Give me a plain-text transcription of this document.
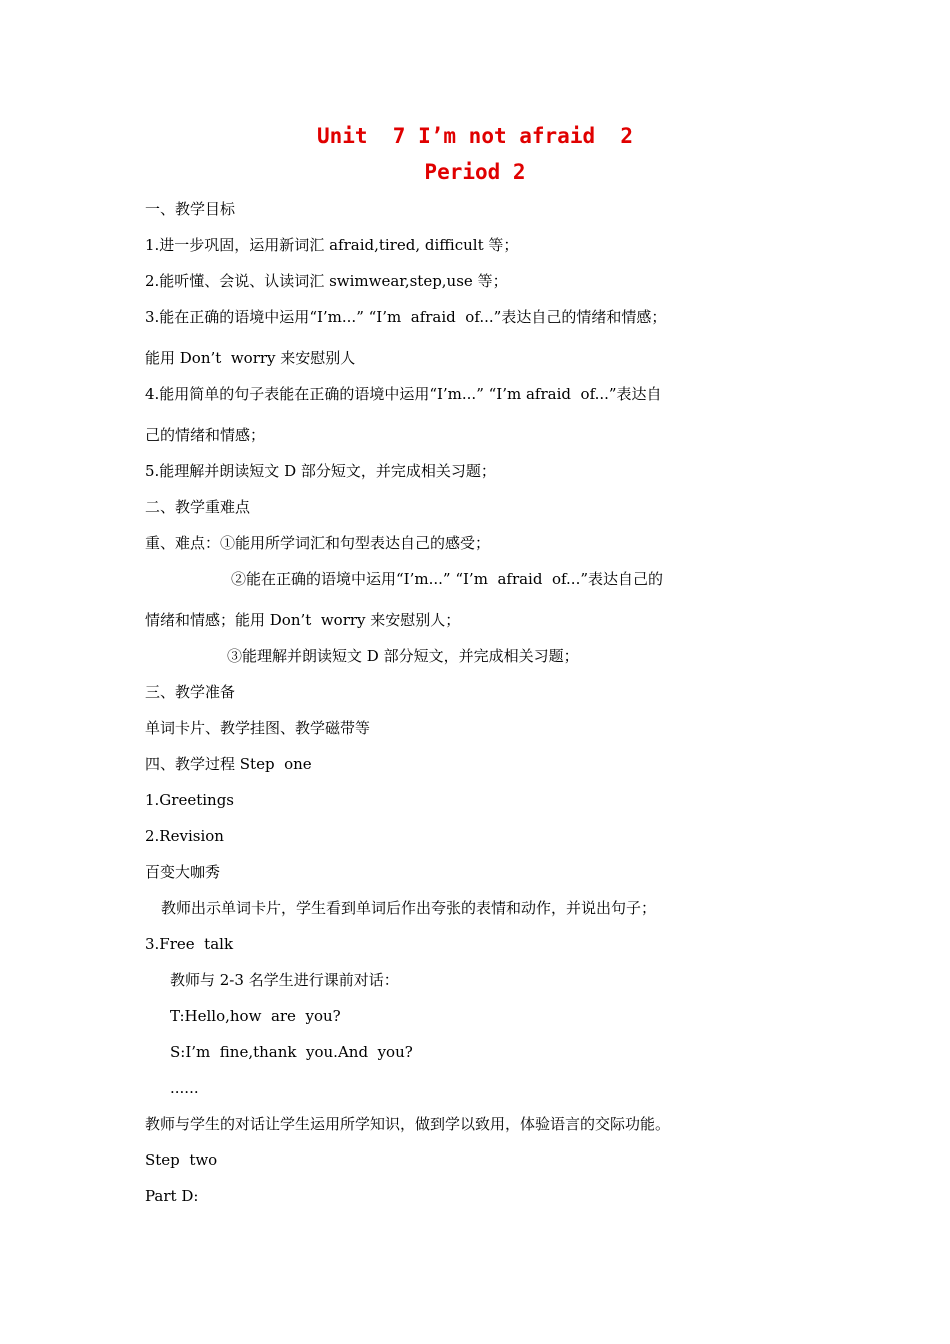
Unit  7 I’m not afraid  2
Period 2
一、教学目标
1.进一步巩固，运用新词汇 afraid,tired, difficult 等；
2.能听懂、会说、认读词汇 swimwear,step,use 等；
3.能在正确的语境中运用“I’m...” “I’m  afraid  of...”表达自己的情绪和情感；
能用 Don’t  worry 来安慰别人
4.能用简单的句子表能在正确的语境中运用“I’m...” “I’m afraid  of...”表达自
己的情绪和情感；
5.能理解并朗读短文 D 部分短文，并完成相关习题；
二、教学重难点
重、难点：①能用所学词汇和句型表达自己的感受；
②能在正确的语境中运用“I’m...” “I’m  afraid  of...”表达自己的
情绪和情感；能用 Don’t  worry 来安慰别人；
③能理解并朗读短文 D 部分短文，并完成相关习题；
三、教学准备
单词卡片、教学挂图、教学磁带等
四、教学过程 Step  one
1.Greetings
2.Revision
百变大咖秀
教师出示单词卡片，学生看到单词后作出夸张的表情和动作，并说出句子；
3.Free  talk
教师与 2-3 名学生进行课前对话：
T:Hello,how  are  you?
S:I’m  fine,thank  you.And  you?
......
教师与学生的对话让学生运用所学知识，做到学以致用，体验语言的交际功能。
Step  two
Part D:
